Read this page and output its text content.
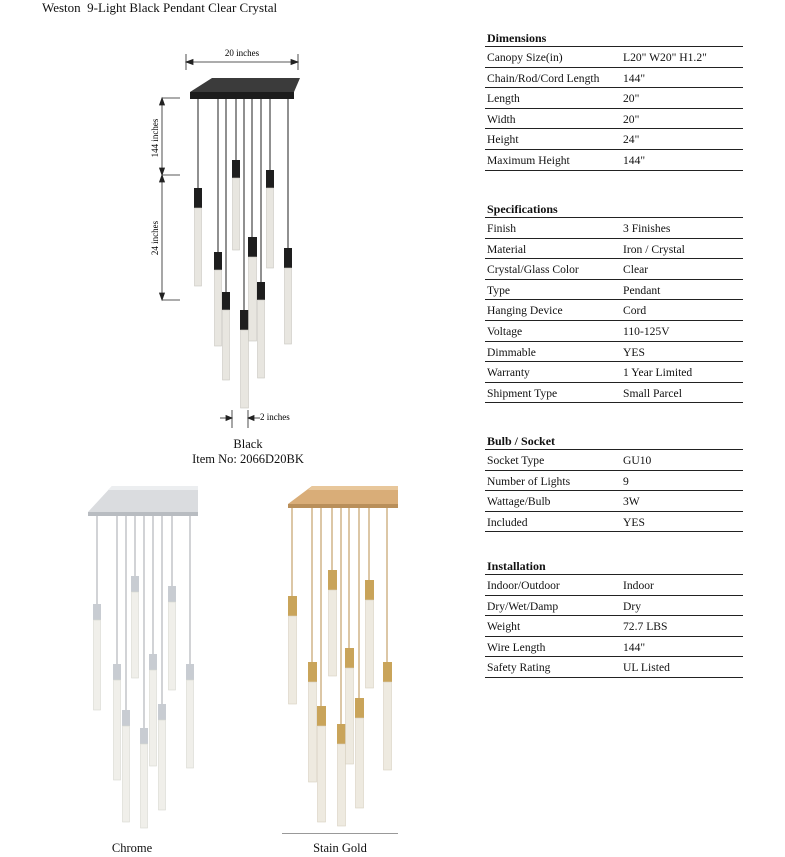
Weston  9-Light Black Pendant Clear Crystal
20 inches
144 inches
24 inches
2 inches
Black
Item No: 2066D20BK
Chrome	Stain Gold
Dimensions
Canopy Size(in)	L20" W20" H1.2"
Chain/Rod/Cord Length 144"
Length	20"
Width	20"
Height	24"
Maximum Height	144"
Specifications
Finish	3 Finishes
Material	Iron / Crystal
Crystal/Glass Color	Clear
Type	Pendant
Hanging Device	Cord
Voltage	110-125V
Dimmable	YES
Warranty	1 Year Limited
Shipment Type	Small Parcel
Bulb / Socket
Socket Type	GU10
Number of Lights	9
Wattage/Bulb	3W
Included	YES
Installation
Indoor/Outdoor	Indoor
Dry/Wet/Damp	Dry
Weight	72.7 LBS
Wire Length	144"
Safety Rating	UL Listed
